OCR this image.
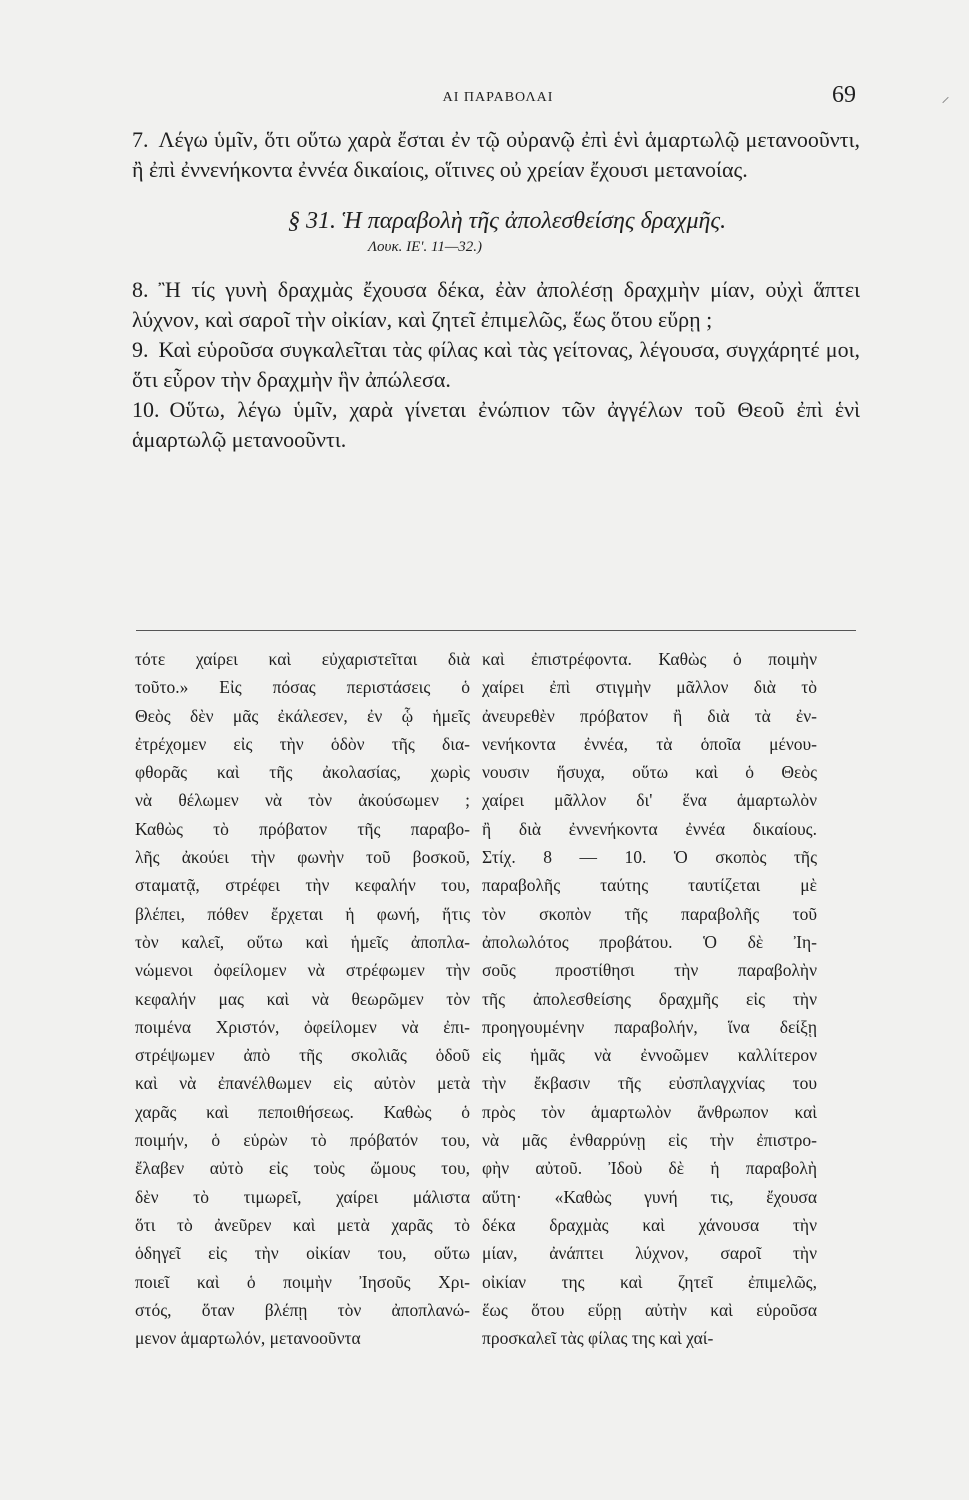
ΑΙ ΠΑΡΑΒΟΛΑΙ	69

7. Λέγω ὑμῖν, ὅτι οὕτω χαρὰ ἔσται ἐν τῷ οὐρανῷ ἐπὶ ἑνὶ ἁμαρτωλῷ μετανοοῦντι, ἢ ἐπὶ ἐννενήκοντα ἐννέα δικαίοις, οἵτινες οὐ χρείαν ἔχουσι μετανοίας.

§ 31. Ἡ παραβολὴ τῆς ἀπολεσθείσης δραχμῆς.
Λουκ. ΙΕ'. 11—32.)

8. Ἢ τίς γυνὴ δραχμὰς ἔχουσα δέκα, ἐὰν ἀπολέσῃ δραχμὴν μίαν, οὐχὶ ἅπτει λύχνον, καὶ σαροῖ τὴν οἰκίαν, καὶ ζητεῖ ἐπιμελῶς, ἕως ὅτου εὕρῃ ;

9. Καὶ εὑροῦσα συγκαλεῖται τὰς φίλας καὶ τὰς γείτονας, λέγουσα, συγχάρητέ μοι, ὅτι εὗρον τὴν δραχμὴν ἣν ἀπώλεσα.

10. Οὕτω, λέγω ὑμῖν, χαρὰ γίνεται ἐνώπιον τῶν ἀγγέλων τοῦ Θεοῦ ἐπὶ ἑνὶ ἁμαρτωλῷ μετανοοῦντι.

τότε χαίρει καὶ εὐχαριστεῖται διὰ
τοῦτο.» Εἰς πόσας περιστάσεις ὁ
Θεὸς δὲν μᾶς ἐκάλεσεν, ἐν ᾧ ἡμεῖς
ἐτρέχομεν εἰς τὴν ὁδὸν τῆς δια-
φθορᾶς καὶ τῆς ἀκολασίας, χωρὶς
νὰ θέλωμεν νὰ τὸν ἀκούσωμεν ;
Καθὼς τὸ πρόβατον τῆς παραβο-
λῆς ἀκούει τὴν φωνὴν τοῦ βοσκοῦ,
σταματᾷ, στρέφει τὴν κεφαλήν του,
βλέπει, πόθεν ἔρχεται ἡ φωνή, ἥτις
τὸν καλεῖ, οὕτω καὶ ἡμεῖς ἀποπλα-
νώμενοι ὀφείλομεν νὰ στρέφωμεν τὴν
κεφαλήν μας καὶ νὰ θεωρῶμεν τὸν
ποιμένα Χριστόν, ὀφείλομεν νὰ ἐπι-
στρέψωμεν ἀπὸ τῆς σκολιᾶς ὁδοῦ
καὶ νὰ ἐπανέλθωμεν εἰς αὐτὸν μετὰ
χαρᾶς καὶ πεποιθήσεως. Καθὼς ὁ
ποιμήν, ὁ εὑρὼν τὸ πρόβατόν του,
ἔλαβεν αὐτὸ εἰς τοὺς ὤμους του,
δὲν τὸ τιμωρεῖ, χαίρει μάλιστα
ὅτι τὸ ἀνεῦρεν καὶ μετὰ χαρᾶς τὸ
ὁδηγεῖ εἰς τὴν οἰκίαν του, οὕτω
ποιεῖ καὶ ὁ ποιμὴν Ἰησοῦς Χρι-
στός, ὅταν βλέπῃ τὸν ἀποπλανώ-
μενον ἁμαρτωλόν, μετανοοῦντα
καὶ ἐπιστρέφοντα. Καθὼς ὁ ποιμὴν
χαίρει ἐπὶ στιγμὴν μᾶλλον διὰ τὸ
ἀνευρεθὲν πρόβατον ἢ διὰ τὰ ἐν-
νενήκοντα ἐννέα, τὰ ὁποῖα μένου-
νουσιν ἥσυχα, οὕτω καὶ ὁ Θεὸς
χαίρει μᾶλλον δι' ἕνα ἁμαρτωλὸν
ἢ διὰ ἐννενήκοντα ἐννέα δικαίους.
Στίχ. 8 — 10. Ὁ σκοπὸς τῆς
παραβολῆς ταύτης ταυτίζεται μὲ
τὸν σκοπὸν τῆς παραβολῆς τοῦ
ἀπολωλότος προβάτου. Ὁ δὲ Ἰη-
σοῦς προστίθησι τὴν παραβολὴν
τῆς ἀπολεσθείσης δραχμῆς εἰς τὴν
προηγουμένην παραβολήν, ἵνα δείξῃ
εἰς ἡμᾶς νὰ ἐννοῶμεν καλλίτερον
τὴν ἔκβασιν τῆς εὐσπλαγχνίας του
πρὸς τὸν ἁμαρτωλὸν ἄνθρωπον καὶ
νὰ μᾶς ἐνθαρρύνῃ εἰς τὴν ἐπιστρο-
φὴν αὐτοῦ. Ἰδοὺ δὲ ἡ παραβολὴ
αὕτη· «Καθὼς γυνή τις, ἔχουσα
δέκα δραχμὰς καὶ χάνουσα τὴν
μίαν, ἀνάπτει λύχνον, σαροῖ τὴν
οἰκίαν της καὶ ζητεῖ ἐπιμελῶς,
ἕως ὅτου εὕρῃ αὐτὴν καὶ εὑροῦσα
προσκαλεῖ τὰς φίλας της καὶ χαί-
